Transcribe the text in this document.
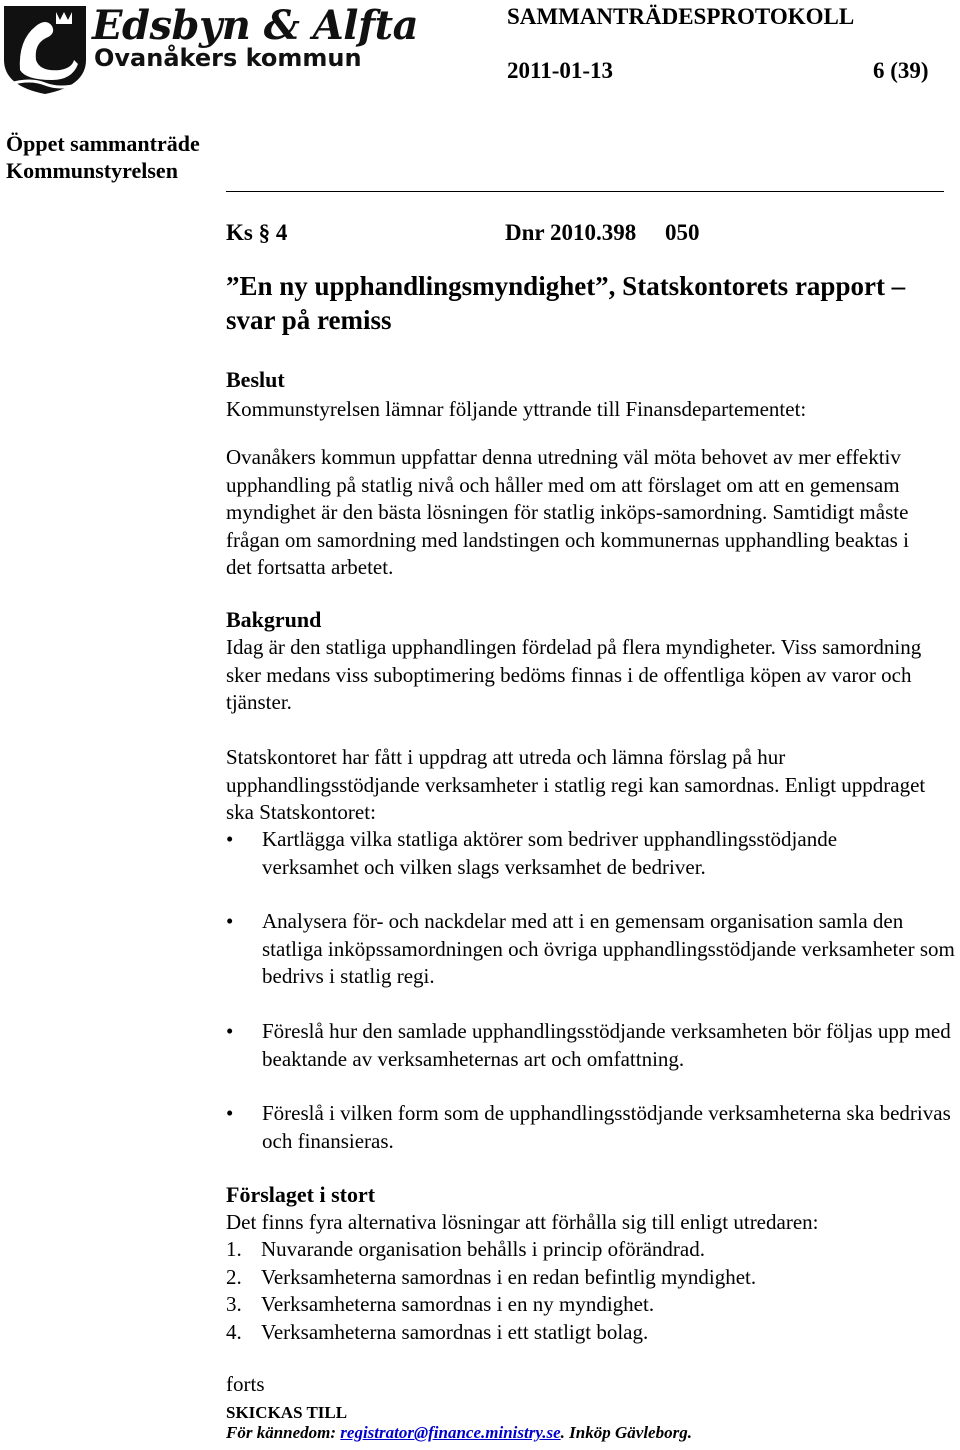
Edsbyn & Alfta
Ovanåkers kommun
SAMMANTRÄDESPROTOKOLL
2011-01-13	6 (39)
Öppet sammanträde
Kommunstyrelsen
Ks § 4	Dnr 2010.398     050
”En ny upphandlingsmyndighet”, Statskontorets rapport – svar på remiss
Beslut
Kommunstyrelsen lämnar följande yttrande till Finansdepartementet:
Ovanåkers kommun uppfattar denna utredning väl möta behovet av mer effektiv upphandling på statlig nivå och håller med om att förslaget om att en gemensam myndighet är den bästa lösningen för statlig inköps-samordning. Samtidigt måste frågan om samordning med landstingen och kommunernas upphandling beaktas i det fortsatta arbetet.
Bakgrund
Idag är den statliga upphandlingen fördelad på flera myndigheter. Viss samordning sker medans viss suboptimering bedöms finnas i de offentliga köpen av varor och tjänster.
Statskontoret har fått i uppdrag att utreda och lämna förslag på hur upphandlingsstödjande verksamheter i statlig regi kan samordnas. Enligt uppdraget ska Statskontoret:
• Kartlägga vilka statliga aktörer som bedriver upphandlingsstödjande verksamhet och vilken slags verksamhet de bedriver.
• Analysera för- och nackdelar med att i en gemensam organisation samla den statliga inköpssamordningen och övriga upphandlingsstödjande verksamheter som bedrivs i statlig regi.
• Föreslå hur den samlade upphandlingsstödjande verksamheten bör följas upp med beaktande av verksamheternas art och omfattning.
• Föreslå i vilken form som de upphandlingsstödjande verksamheterna ska bedrivas och finansieras.
Förslaget i stort
Det finns fyra alternativa lösningar att förhålla sig till enligt utredaren:
1. Nuvarande organisation behålls i princip oförändrad.
2. Verksamheterna samordnas i en redan befintlig myndighet.
3. Verksamheterna samordnas i en ny myndighet.
4. Verksamheterna samordnas i ett statligt bolag.
forts
SKICKAS TILL
För kännedom: registrator@finance.ministry.se. Inköp Gävleborg.
